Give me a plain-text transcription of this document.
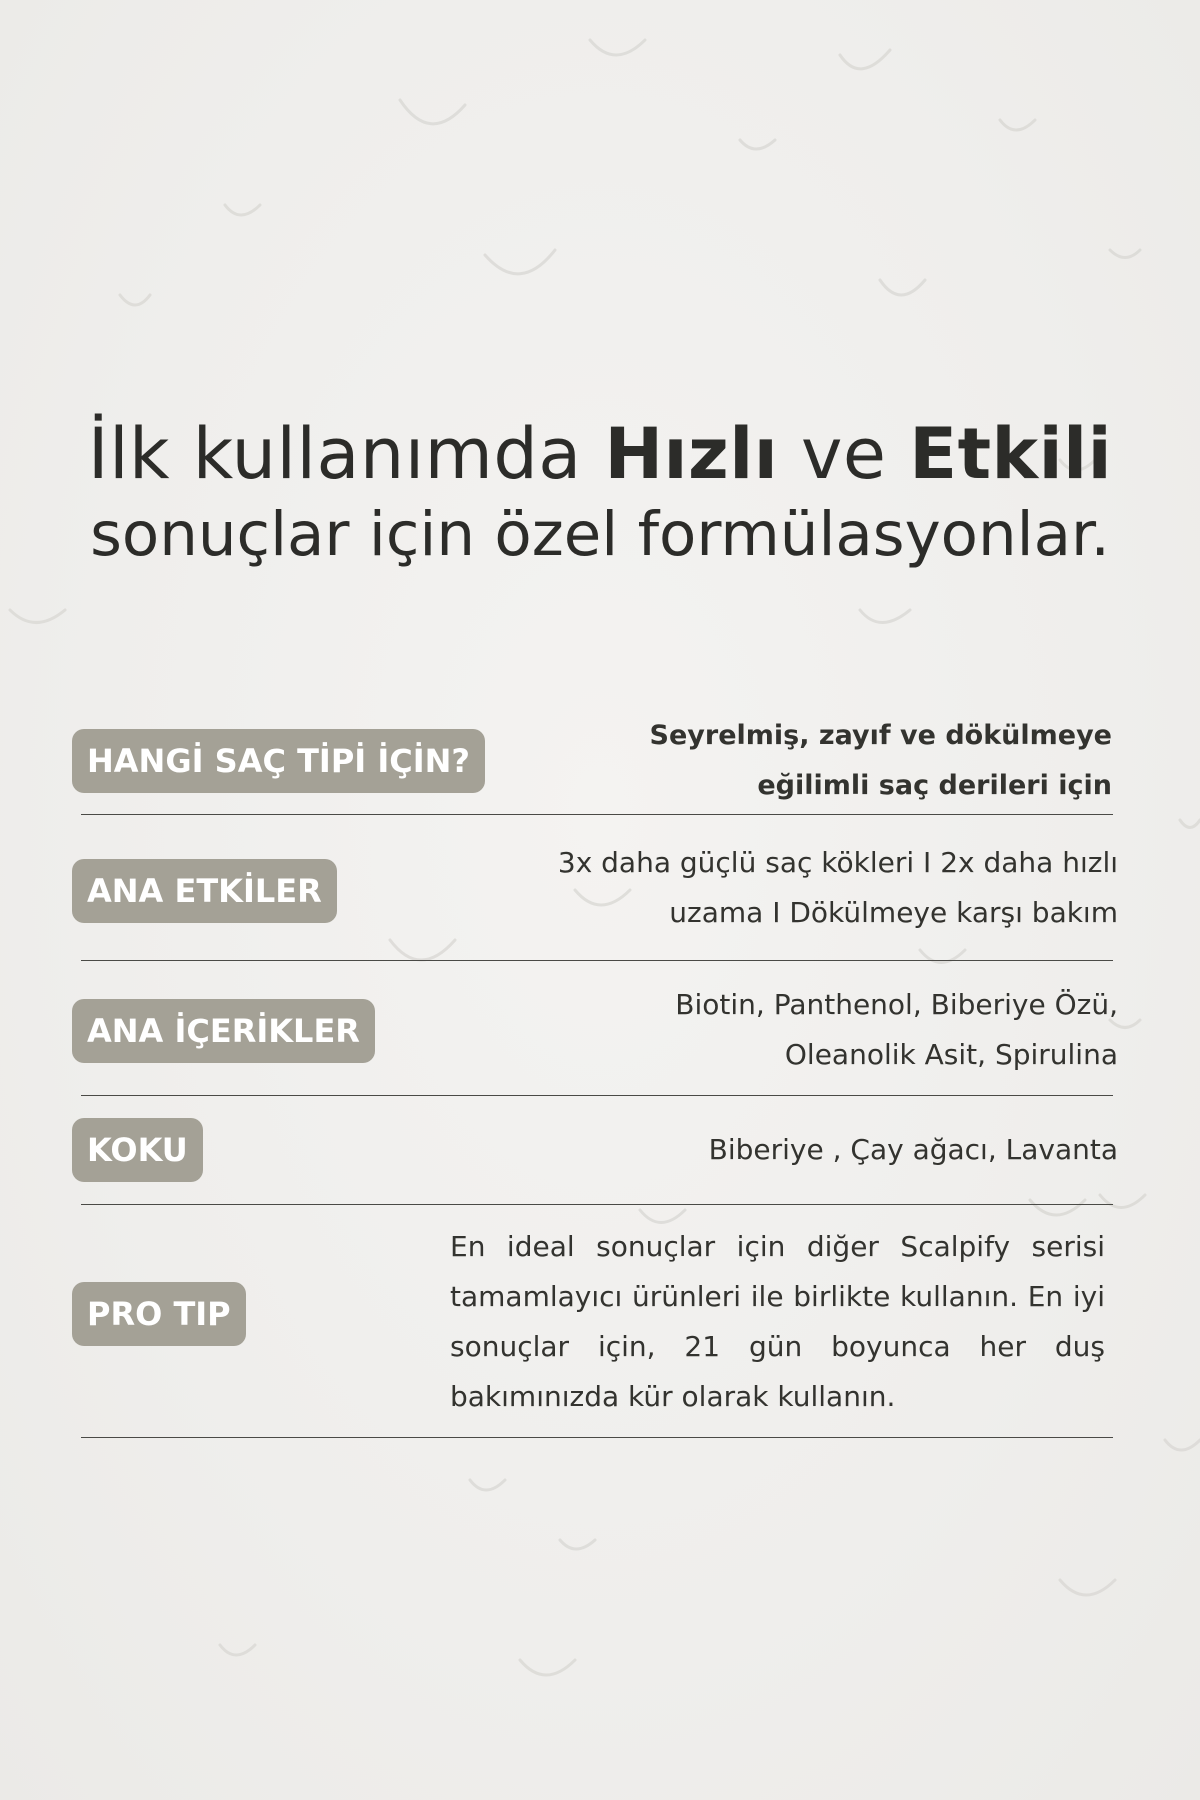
İlk kullanımda Hızlı ve Etkili
sonuçlar için özel formülasyonlar.
HANGİ SAÇ TİPİ İÇİN?
Seyrelmiş, zayıf ve dökülmeye
eğilimli saç derileri için
ANA ETKİLER
3x daha güçlü saç kökleri I 2x daha hızlı
uzama I Dökülmeye karşı bakım
ANA İÇERİKLER
Biotin, Panthenol, Biberiye Özü,
Oleanolik Asit, Spirulina
KOKU	Biberiye , Çay ağacı, Lavanta
PRO TIP
En ideal sonuçlar için diğer Scalpify serisi tamamlayıcı ürünleri ile birlikte kullanın. En iyi sonuçlar için, 21 gün boyunca her duş bakımınızda kür olarak kullanın.
